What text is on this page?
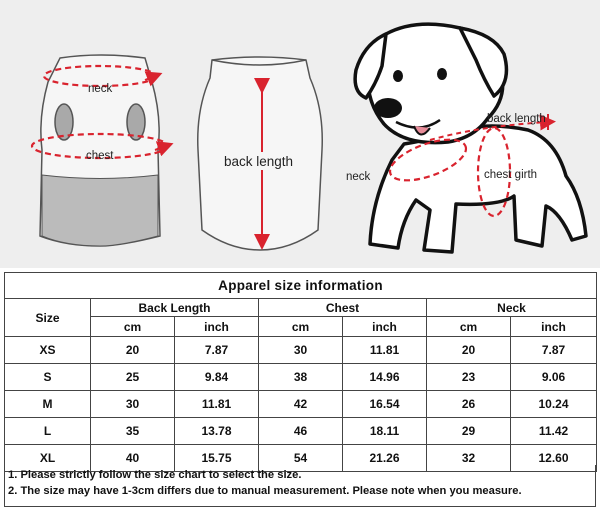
neck
chest	back length
back length
neck	chest girth
Apparel size information						
Size	Back Length		Chest		Neck	
	cm	inch	cm	inch	cm	inch
XS	20	7.87	30	11.81	20	7.87
S	25	9.84	38	14.96	23	9.06
M	30	11.81	42	16.54	26	10.24
L	35	13.78	46	18.11	29	11.42
XL	40	15.75	54	21.26	32	12.60
1. Please strictly follow the size chart to select the size.
2. The size may have 1-3cm differs due to manual measurement. Please note when you measure.
